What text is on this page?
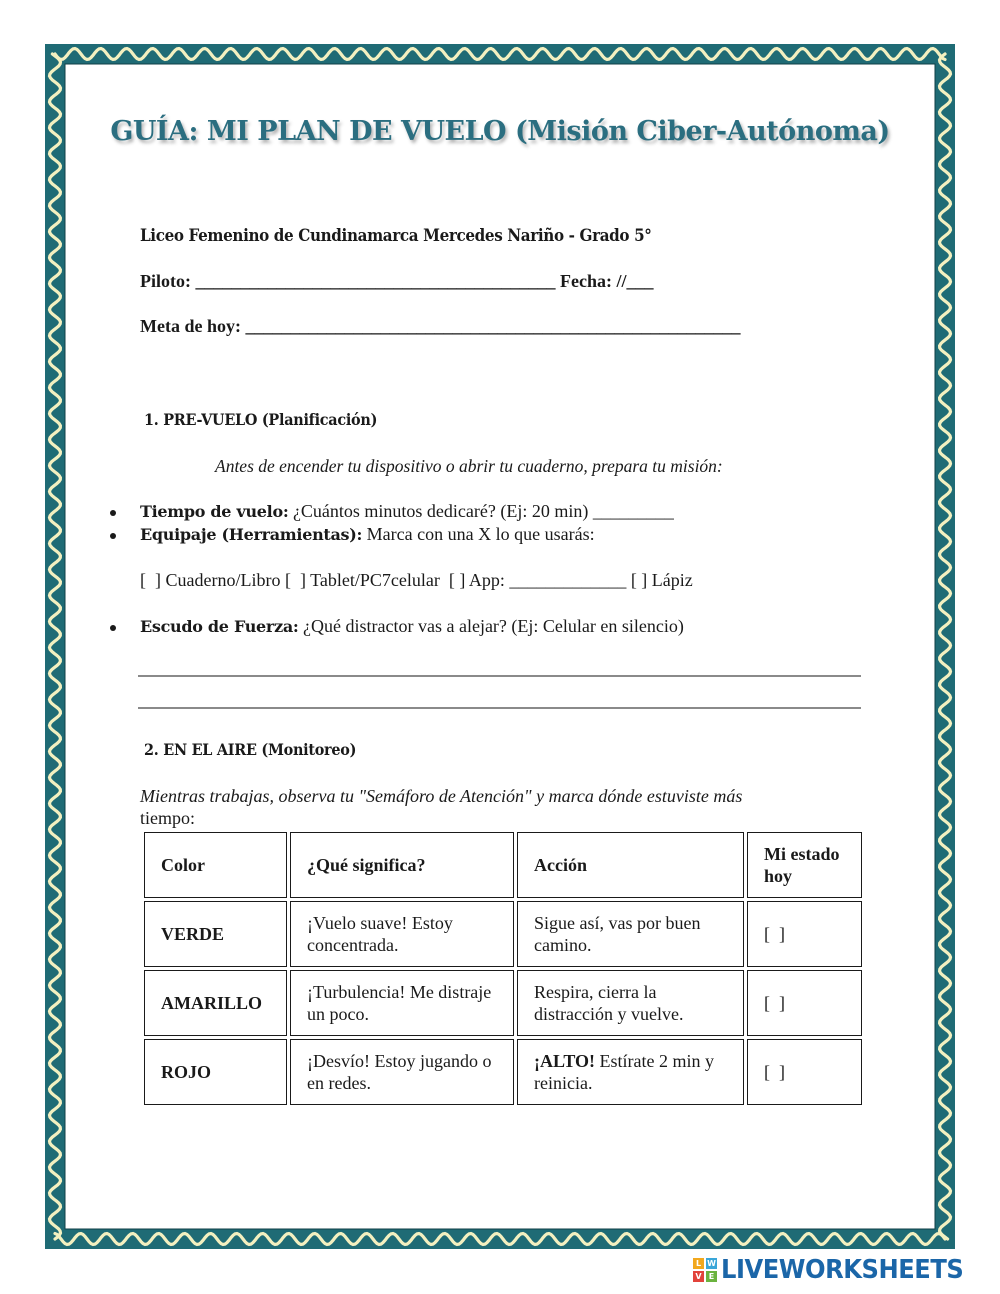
GUÍA: MI PLAN DE VUELO (Misión Ciber-Autónoma)
Liceo Femenino de Cundinamarca Mercedes Nariño - Grado 5°
Piloto: ________________________________________ Fecha: //___
Meta de hoy: _______________________________________________________
1. PRE-VUELO (Planificación)
Antes de encender tu dispositivo o abrir tu cuaderno, prepara tu misión:
Tiempo de vuelo: ¿Cuántos minutos dedicaré? (Ej: 20 min) _________
Equipaje (Herramientas): Marca con una X lo que usarás:
[  ] Cuaderno/Libro [  ] Tablet/PC7celular  [ ] App: _____________ [ ] Lápiz
Escudo de Fuerza: ¿Qué distractor vas a alejar? (Ej: Celular en silencio)
2. EN EL AIRE (Monitoreo)
Mientras trabajas, observa tu "Semáforo de Atención" y marca dónde estuviste más
tiempo:
Color	¿Qué significa?	Acción	Mi estado hoy
VERDE	¡Vuelo suave! Estoy concentrada.	Sigue así, vas por buen camino.	[  ]
AMARILLO	¡Turbulencia! Me distraje un poco.	Respira, cierra la distracción y vuelve.	[  ]
ROJO	¡Desvío! Estoy jugando o en redes.	¡ALTO! Estírate 2 min y reinicia.	[  ]
L W
V E LIVEWORKSHEETS
